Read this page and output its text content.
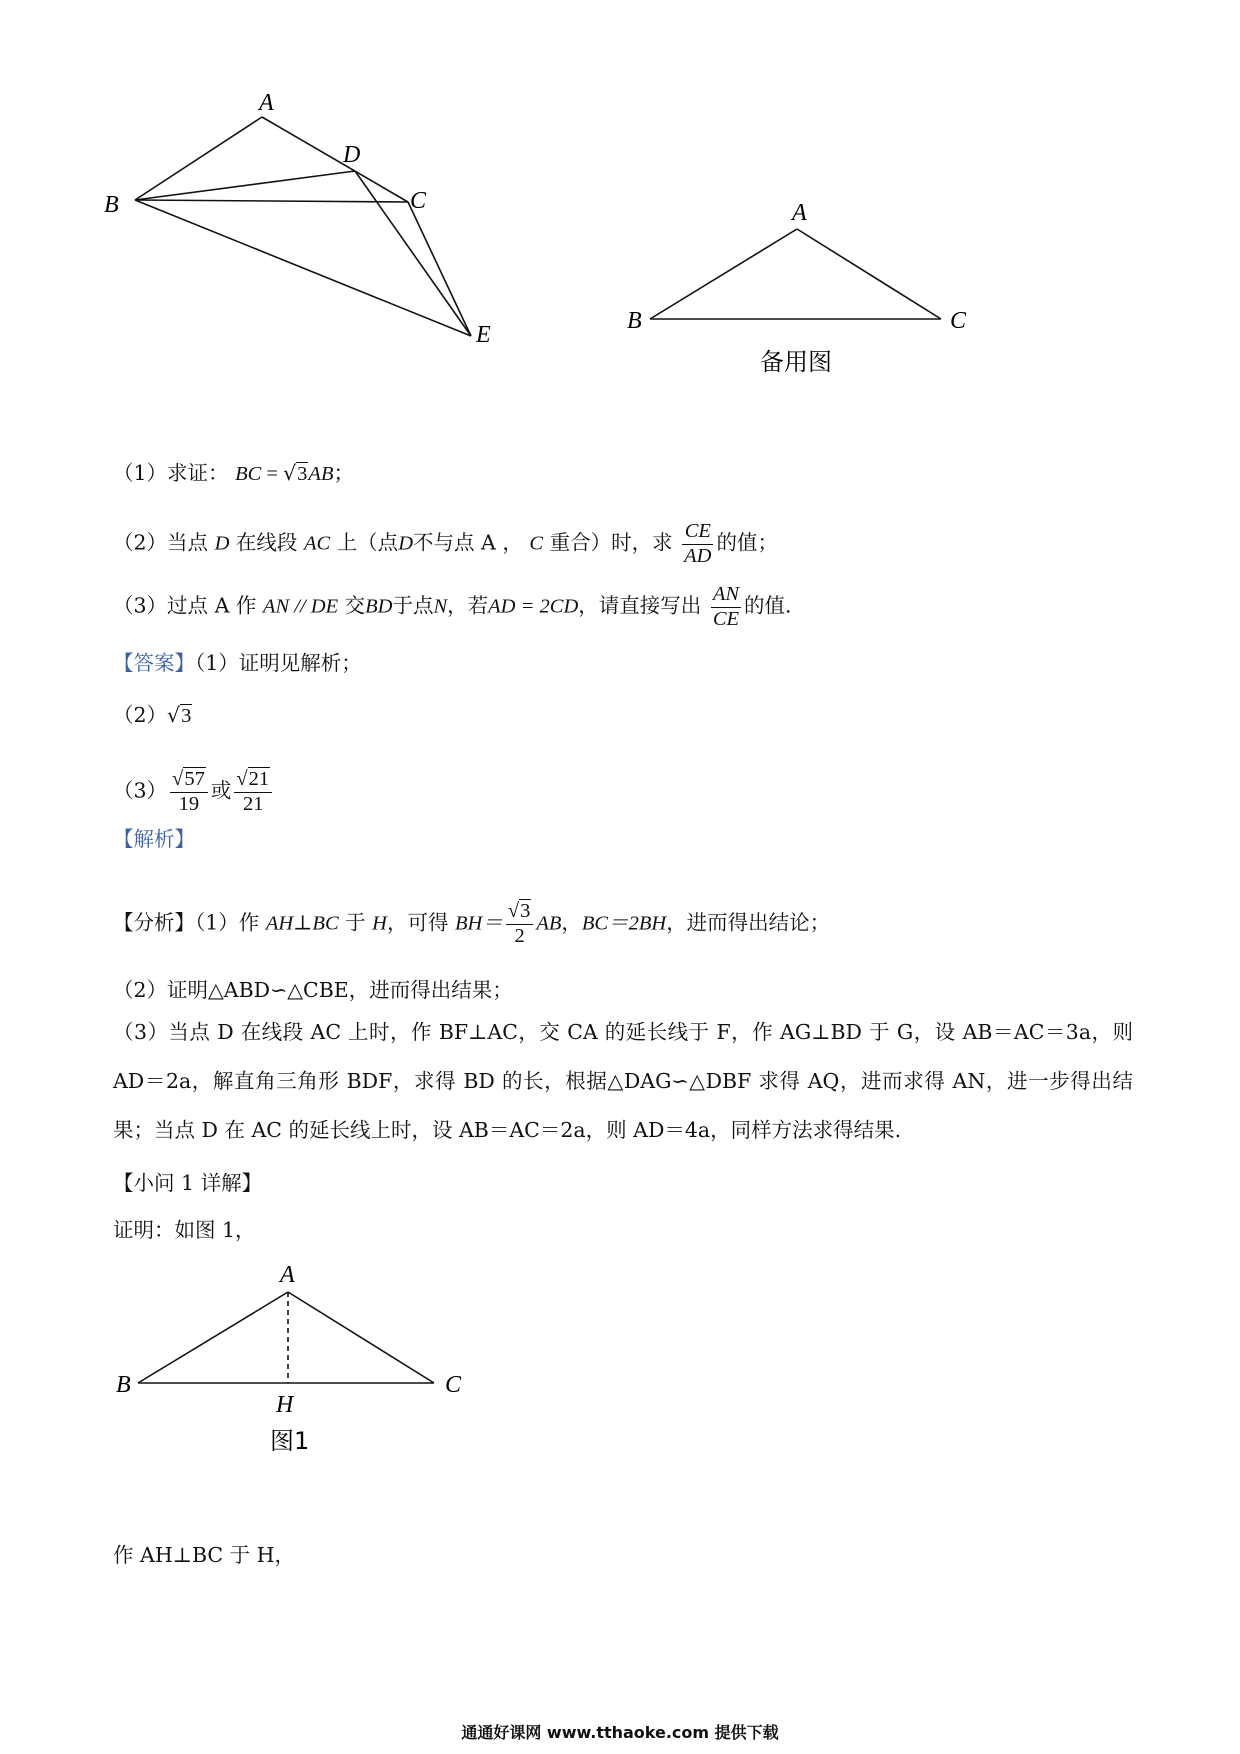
A
D
B	C
E
A
B	C
备用图
（1）求证： BC = √3AB；
（2）当点 D 在线段 AC 上（点D不与点 A ， C 重合）时，求 $\frac{CE}{AD}$ 的值；
（3）过点 A 作 AN // DE 交BD于点N，若AD = 2CD，请直接写出 $\frac{AN}{CE}$ 的值.
【答案】（1）证明见解析；
（2）√3
$(3) \frac{√57}{19}$ 或 $\frac{√21}{21}$
【解析】
【分析】（1）作 AH⊥BC 于 H，可得 $BH= \frac{√3}{2}$ AB，BC＝2BH，进而得出结论；
（2）证明△ABD∽△CBE，进而得出结果；
（3）当点 D 在线段 AC 上时，作 BF⊥AC，交 CA 的延长线于 F，作 AG⊥BD 于 G，设 AB＝AC＝3a，则 AD＝2a，解直角三角形 BDF，求得 BD 的长，根据△DAG∽△DBF 求得 AQ，进而求得 AN，进一步得出结果；当点 D 在 AC 的延长线上时，设 AB＝AC＝2a，则 AD＝4a，同样方法求得结果.
【小问 1 详解】
证明：如图 1，
A
B	C
H
图1
作 AH⊥BC 于 H，
通通好课网 www.tthaoke.com 提供下载
